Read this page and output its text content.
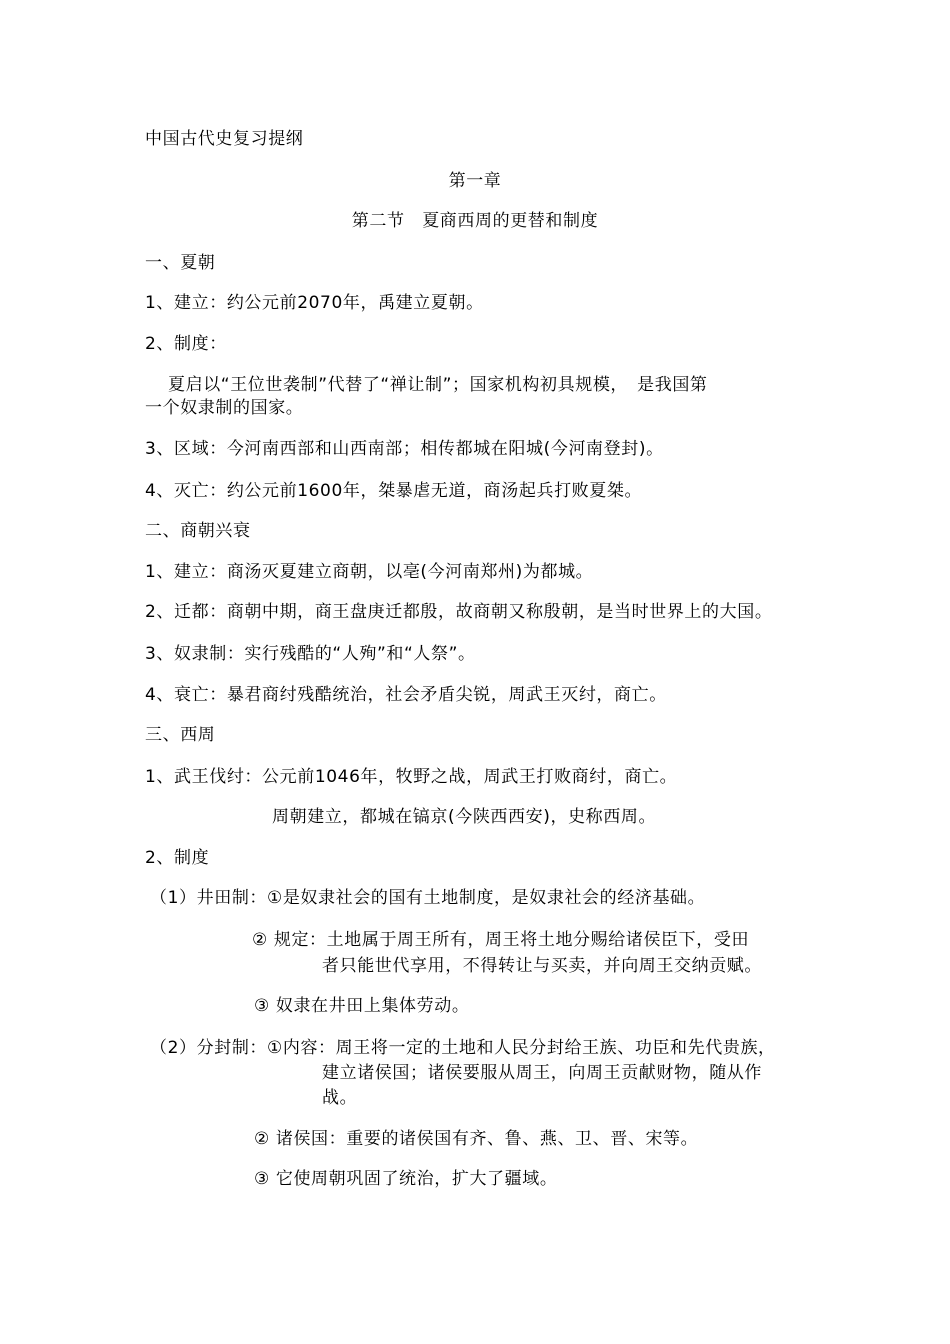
中国古代史复习提纲
第一章
第二节　夏商西周的更替和制度
一、夏朝
1、建立：约公元前2070年，禹建立夏朝。
2、制度：
夏启以“王位世袭制”代替了“禅让制”；国家机构初具规模，　是我国第
一个奴隶制的国家。
3、区域：今河南西部和山西南部；相传都城在阳城(今河南登封)。
4、灭亡：约公元前1600年，桀暴虐无道，商汤起兵打败夏桀。
二、商朝兴衰
1、建立：商汤灭夏建立商朝，以亳(今河南郑州)为都城。
2、迁都：商朝中期，商王盘庚迁都殷，故商朝又称殷朝，是当时世界上的大国。
3、奴隶制：实行残酷的“人殉”和“人祭”。
4、衰亡：暴君商纣残酷统治，社会矛盾尖锐，周武王灭纣，商亡。
三、西周
1、武王伐纣：公元前1046年，牧野之战，周武王打败商纣，商亡。
周朝建立，都城在镐京(今陕西西安)，史称西周。
2、制度
（1）井田制：①是奴隶社会的国有土地制度，是奴隶社会的经济基础。
② 规定：土地属于周王所有，周王将土地分赐给诸侯臣下，受田
者只能世代享用，不得转让与买卖，并向周王交纳贡赋。
③ 奴隶在井田上集体劳动。
（2）分封制：①内容：周王将一定的土地和人民分封给王族、功臣和先代贵族，
建立诸侯国；诸侯要服从周王，向周王贡献财物，随从作
战。
② 诸侯国：重要的诸侯国有齐、鲁、燕、卫、晋、宋等。
③ 它使周朝巩固了统治，扩大了疆域。
